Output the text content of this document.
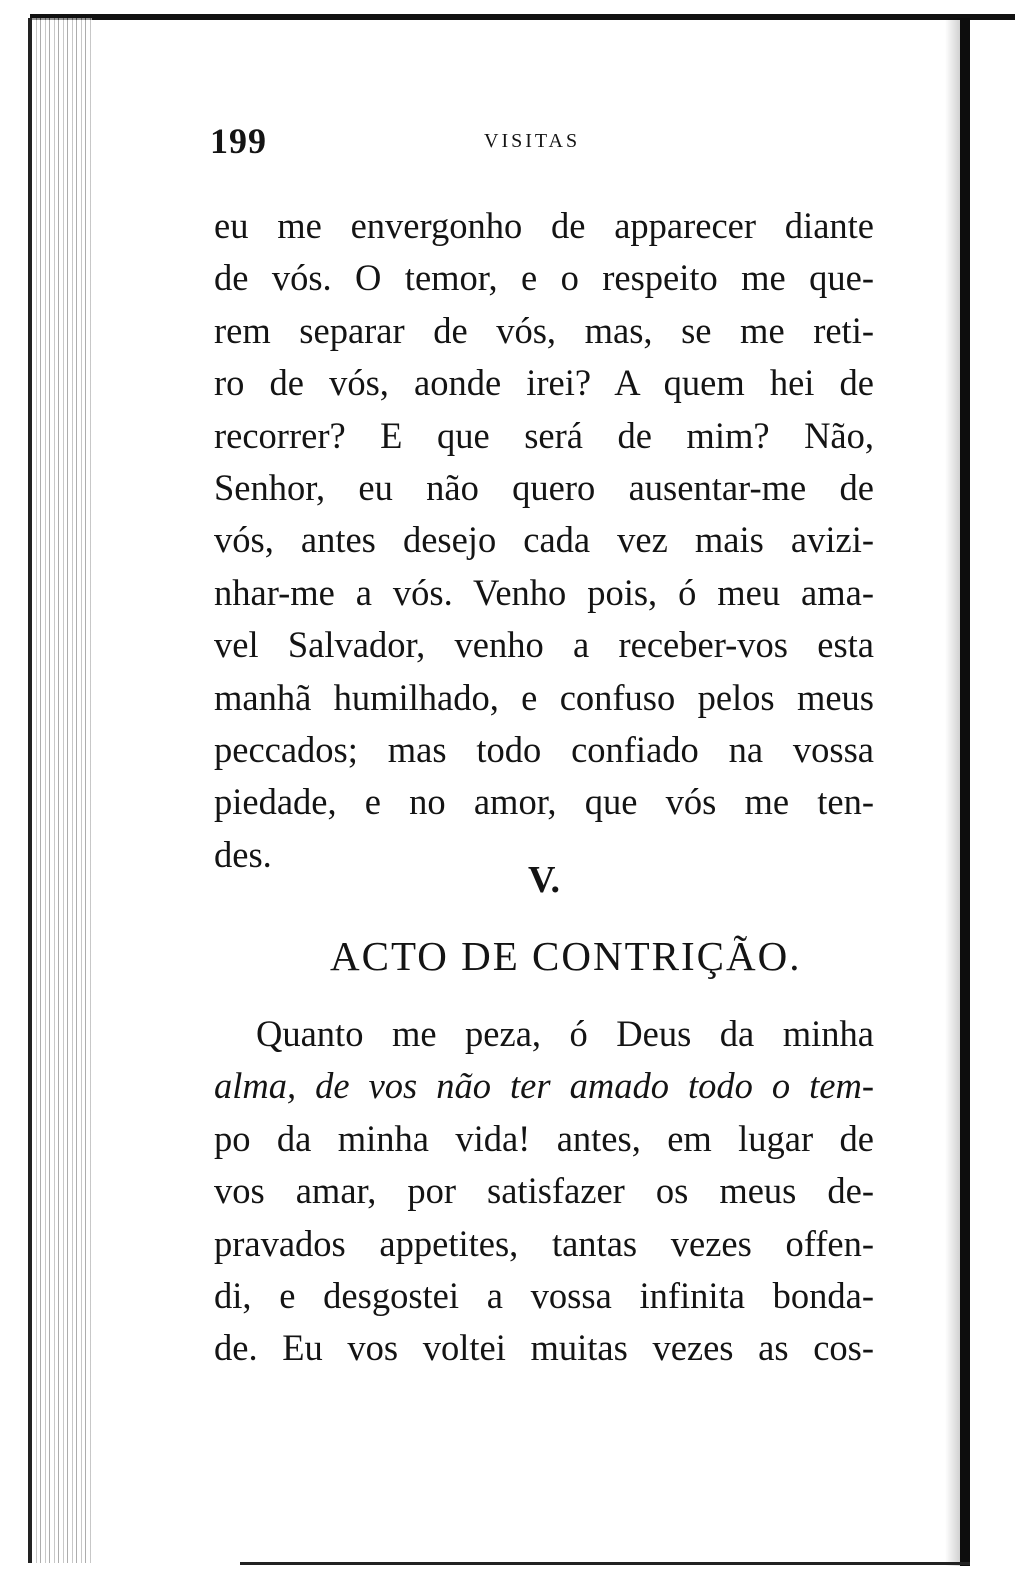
199	VISITAS
eu me envergonho de apparecer diante
de vós. O temor, e o respeito me que-
rem separar de vós, mas, se me reti-
ro de vós, aonde irei? A quem hei de
recorrer? E que será de mim? Não,
Senhor, eu não quero ausentar-me de
vós, antes desejo cada vez mais avizi-
nhar-me a vós. Venho pois, ó meu ama-
vel Salvador, venho a receber-vos esta
manhã humilhado, e confuso pelos meus
peccados; mas todo confiado na vossa
piedade, e no amor, que vós me ten-
des.
V.
ACTO DE CONTRIÇÃO.
Quanto me peza, ó Deus da minha
alma, de vos não ter amado todo o tem-
po da minha vida! antes, em lugar de
vos amar, por satisfazer os meus de-
pravados appetites, tantas vezes offen-
di, e desgostei a vossa infinita bonda-
de. Eu vos voltei muitas vezes as cos-
